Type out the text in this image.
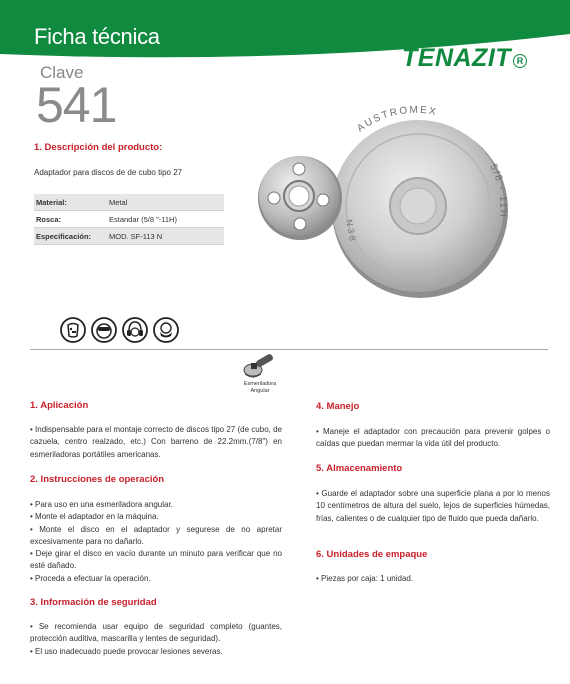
Ficha técnica
TENAZIT R
Clave
541
1. Descripción del producto:
Adaptador para discos de de cubo tipo 27
Material:	Metal
Rosca:	Estandar (5/8 "-11H)
Especificación:	MOD. SF-113 N
AUSTROMEX
5/8 - 11H
N 3 8
Esmeriladora
Angular
1. Aplicación

• Indispensable para el montaje correcto de discos tipo 27 (de cubo, de cazuela, centro realzado, etc.) Con barreno de 22.2mm.(7/8") en esmeriladoras portátiles americanas.

2. Instrucciones de operación

• Para uso en una esmeriladora angular.

• Monte el adaptador en la máquina.

• Monte el disco en el adaptador y segurese de no apretar excesivamente para no dañarlo.

• Deje girar el disco en vacío durante un minuto para verificar que no esté dañado.

• Proceda a efectuar la operación.

3. Información de seguridad

• Se recomienda usar equipo de seguridad completo (guantes, protección auditiva, mascarilla y lentes de seguridad).

• El uso inadecuado puede provocar lesiones severas.

4. Manejo

• Maneje el adaptador con precaución para prevenir golpes o caídas que puedan mermar la vida útil del producto.

5. Almacenamiento

• Guarde el adaptador sobre una superficie plana a por lo menos 10 centímetros de altura del suelo, lejos de superficies húmedas, frías, calientes o de cualquier tipo de fluido que pueda dañarlo.

6. Unidades de empaque

• Piezas por caja: 1 unidad.
